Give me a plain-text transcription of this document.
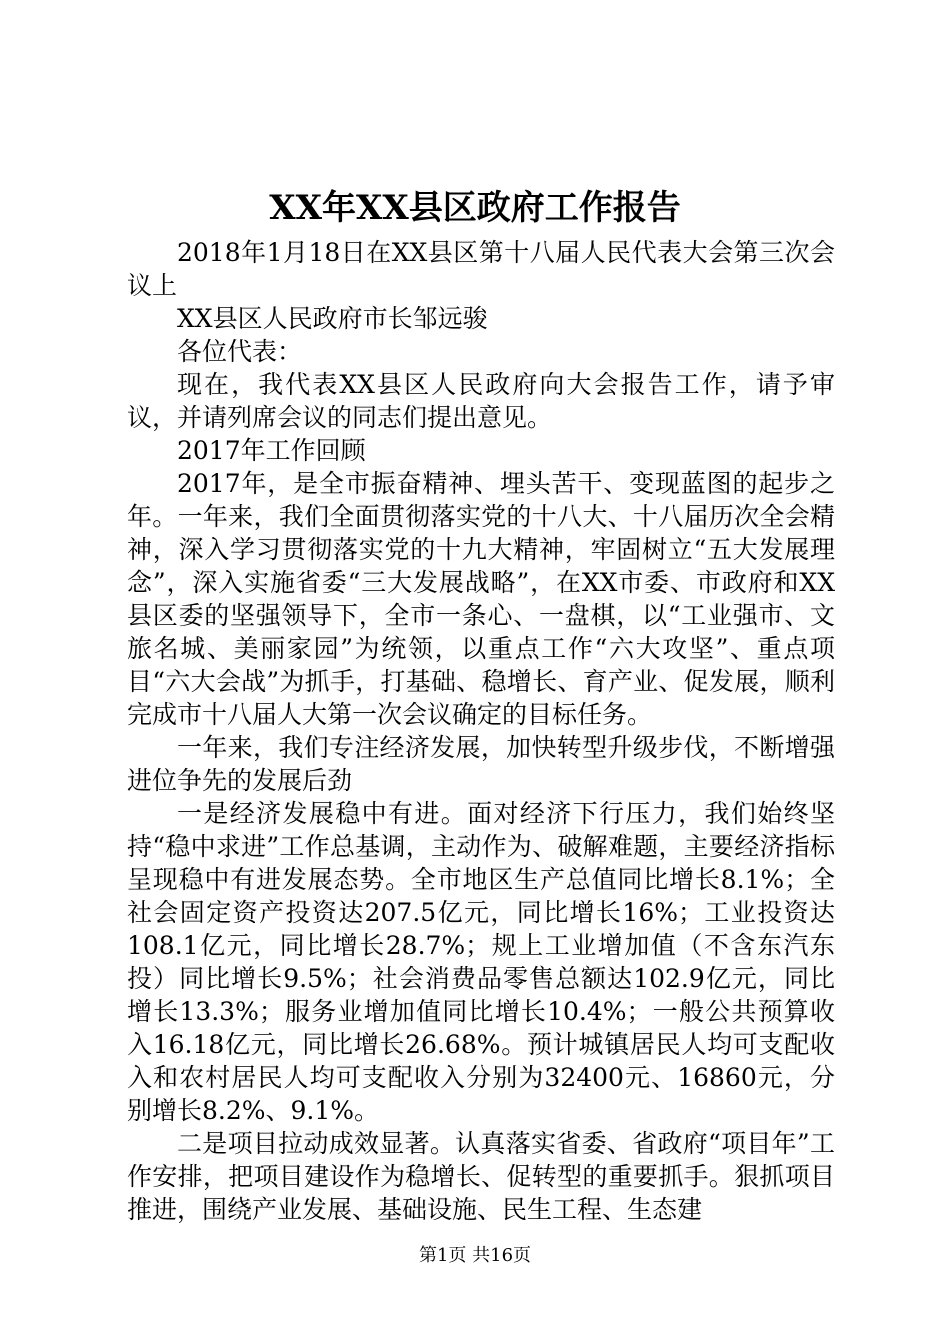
XX年XX县区政府工作报告

2018年1月18日在XX县区第十八届人民代表大会第三次会议上

XX县区人民政府市长邹远骏

各位代表：

现在，我代表XX县区人民政府向大会报告工作，请予审议，并请列席会议的同志们提出意见。

2017年工作回顾

2017年，是全市振奋精神、埋头苦干、变现蓝图的起步之年。一年来，我们全面贯彻落实党的十八大、十八届历次全会精神，深入学习贯彻落实党的十九大精神，牢固树立“五大发展理念”，深入实施省委“三大发展战略”，在XX市委、市政府和XX县区委的坚强领导下，全市一条心、一盘棋，以“工业强市、文旅名城、美丽家园”为统领，以重点工作“六大攻坚”、重点项目“六大会战”为抓手，打基础、稳增长、育产业、促发展，顺利完成市十八届人大第一次会议确定的目标任务。

一年来，我们专注经济发展，加快转型升级步伐，不断增强进位争先的发展后劲

一是经济发展稳中有进。面对经济下行压力，我们始终坚持“稳中求进”工作总基调，主动作为、破解难题，主要经济指标呈现稳中有进发展态势。全市地区生产总值同比增长8.1%；全社会固定资产投资达207.5亿元，同比增长16%；工业投资达108.1亿元，同比增长28.7%；规上工业增加值（不含东汽东投）同比增长9.5%；社会消费品零售总额达102.9亿元，同比增长13.3%；服务业增加值同比增长10.4%；一般公共预算收入16.18亿元，同比增长26.68%。预计城镇居民人均可支配收入和农村居民人均可支配收入分别为32400元、16860元，分别增长8.2%、9.1%。

二是项目拉动成效显著。认真落实省委、省政府“项目年”工作安排，把项目建设作为稳增长、促转型的重要抓手。狠抓项目推进，围绕产业发展、基础设施、民生工程、生态建

第1页 共16页
